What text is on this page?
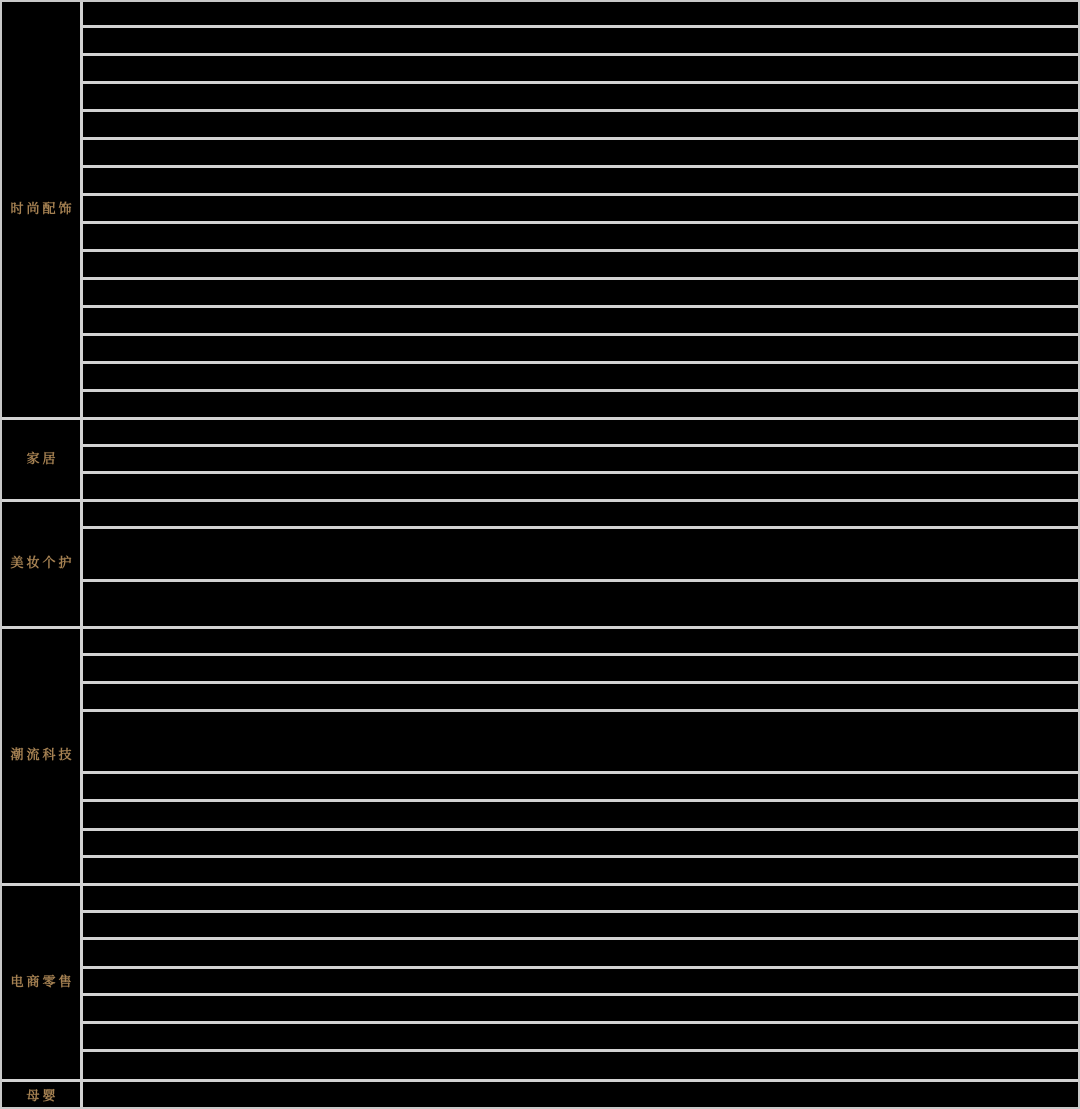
时尚配饰
家居
美妆个护
潮流科技
电商零售
母婴
